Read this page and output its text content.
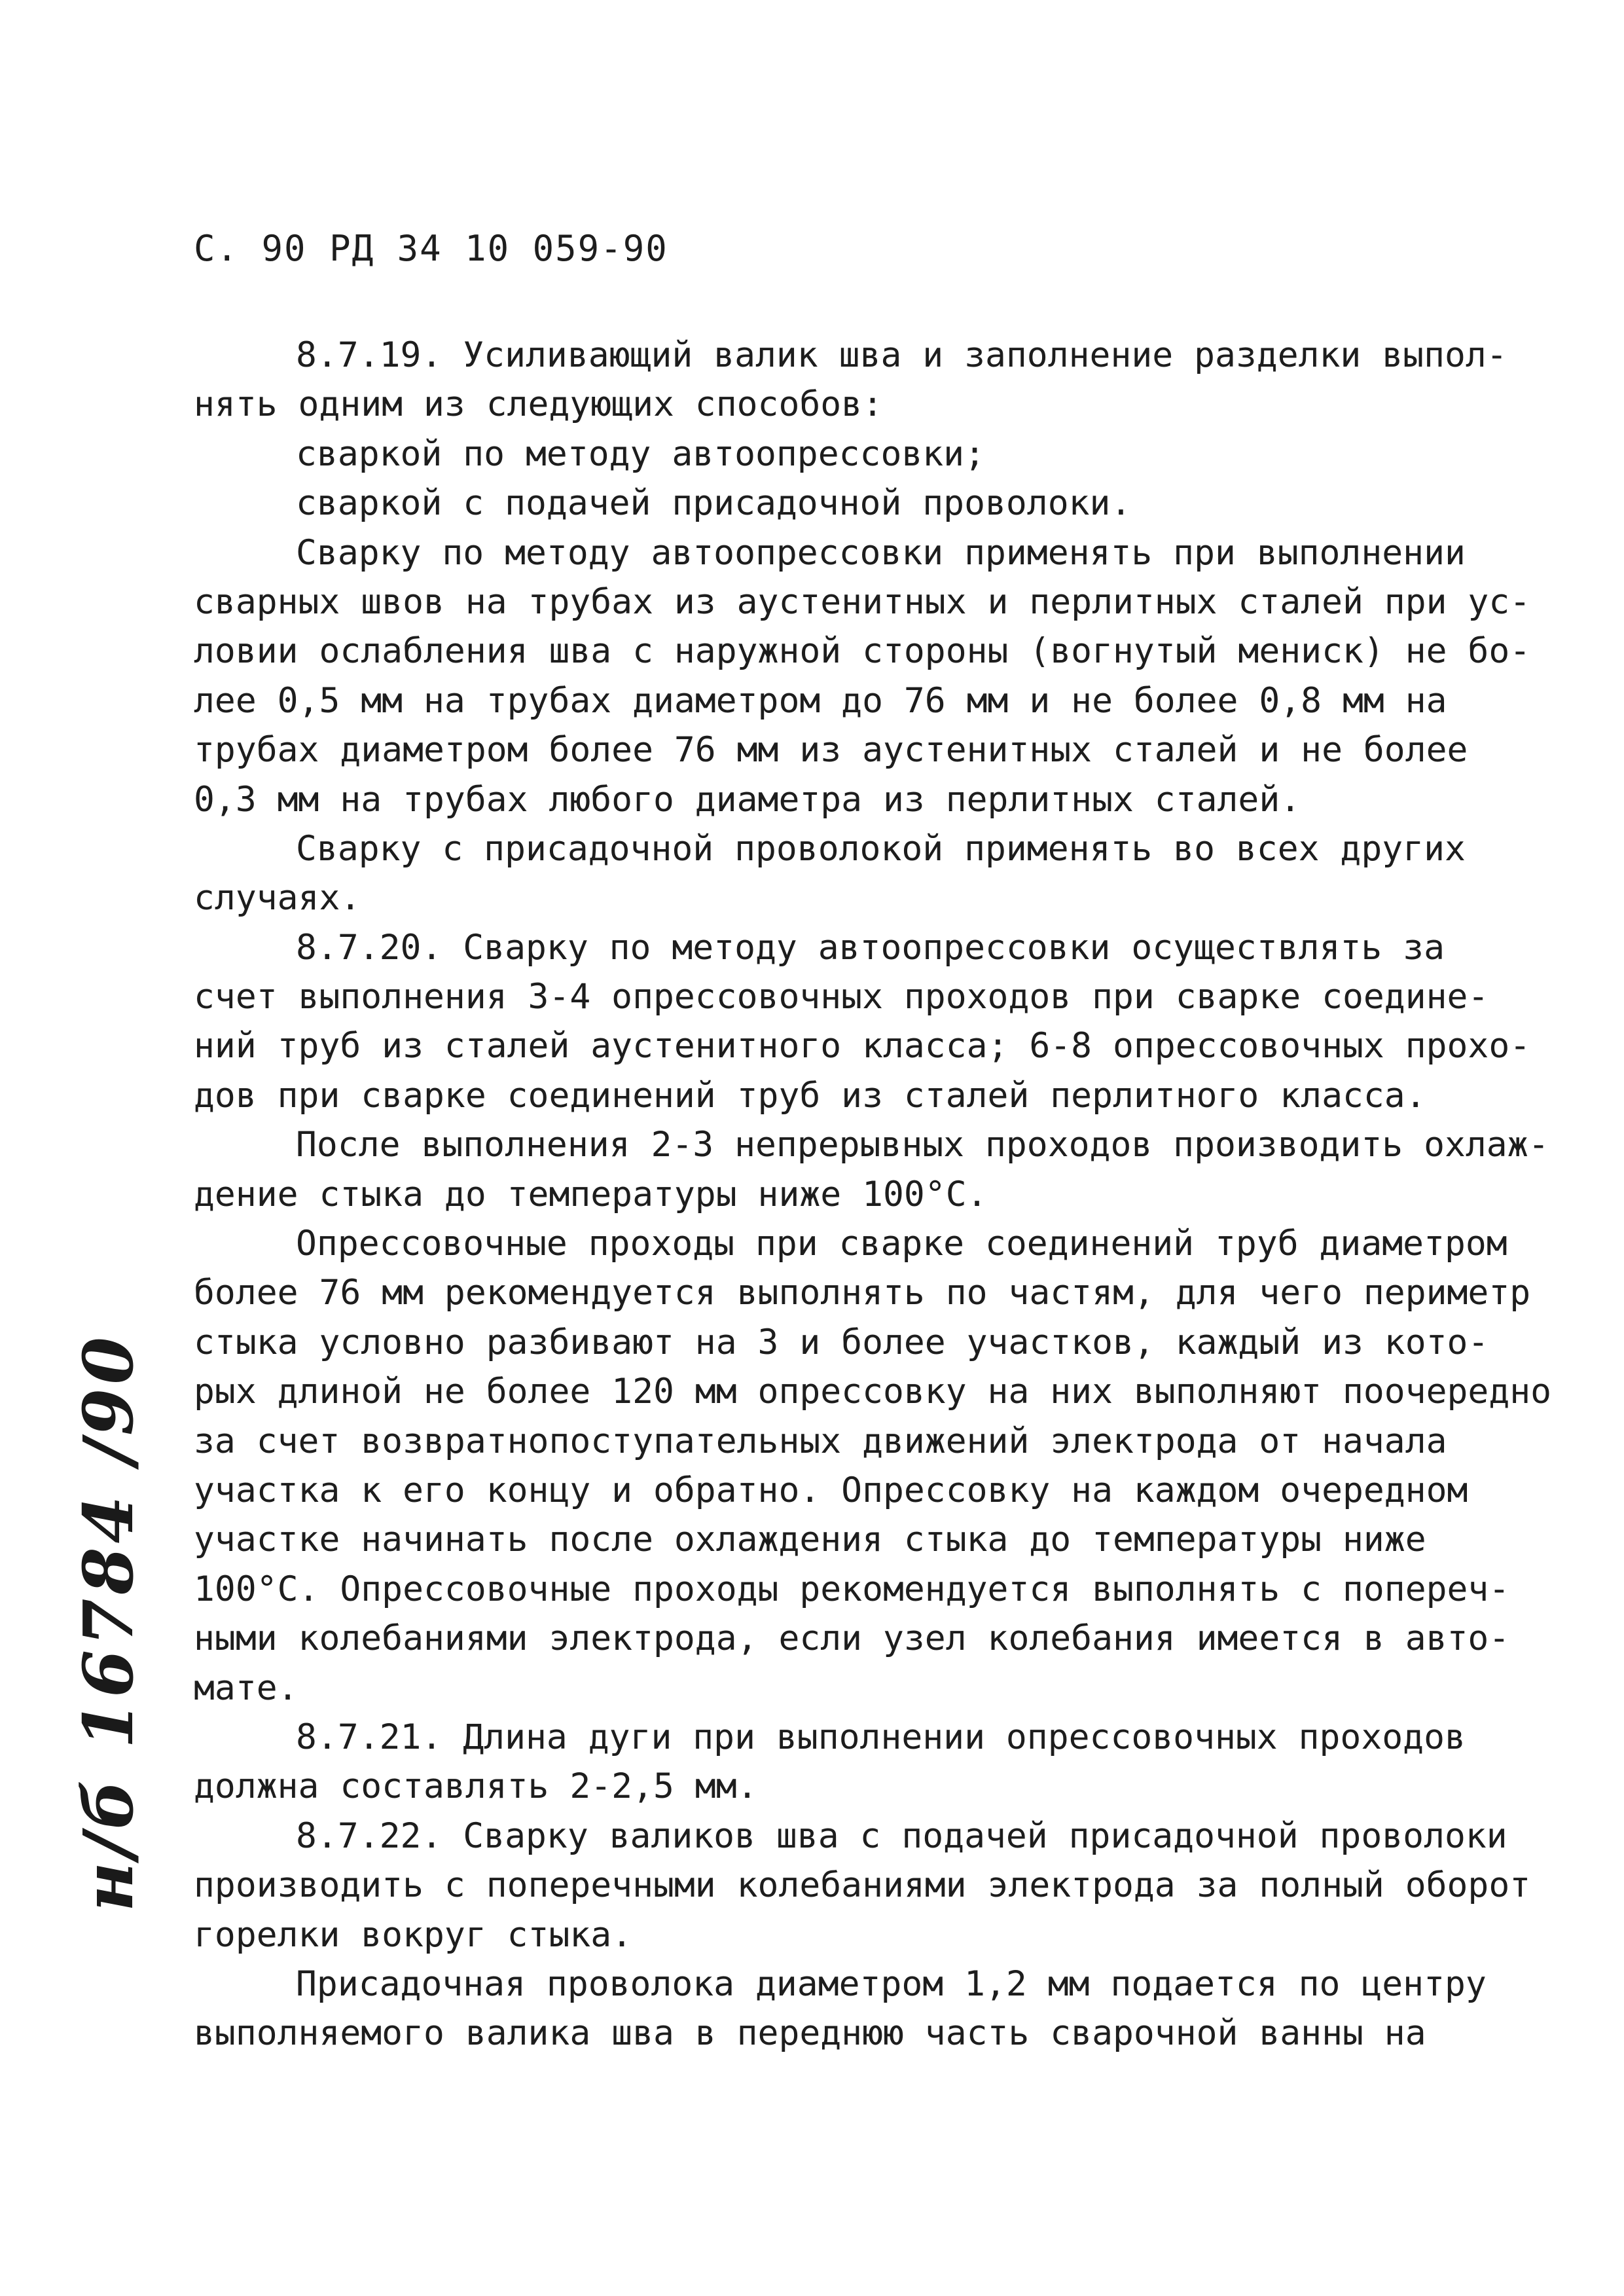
С. 90 РД 34 10 059-90
8.7.19. Усиливающий валик шва и заполнение разделки выпол-
нять одним из следующих способов:
сваркой по методу автоопрессовки;
сваркой с подачей присадочной проволоки.
Сварку по методу автоопрессовки применять при выполнении
сварных швов на трубах из аустенитных и перлитных сталей при ус-
ловии ослабления шва с наружной стороны (вогнутый мениск) не бо-
лее 0,5 мм на трубах диаметром до 76 мм и не более 0,8 мм на
трубах диаметром более 76 мм из аустенитных сталей и не более
0,3 мм на трубах любого диаметра из перлитных сталей.
Сварку с присадочной проволокой применять во всех других
случаях.
8.7.20. Сварку по методу автоопрессовки осуществлять за
счет выполнения 3-4 опрессовочных проходов при сварке соедине-
ний труб из сталей аустенитного класса; 6-8 опрессовочных прохо-
дов при сварке соединений труб из сталей перлитного класса.
После выполнения 2-3 непрерывных проходов производить охлаж-
дение стыка до температуры ниже 100°С.
Опрессовочные проходы при сварке соединений труб диаметром
более 76 мм рекомендуется выполнять по частям, для чего периметр
стыка условно разбивают на 3 и более участков, каждый из кото-
рых длиной не более 120 мм опрессовку на них выполняют поочередно
за счет возвратнопоступательных движений электрода от начала
участка к его концу и обратно. Опрессовку на каждом очередном
участке начинать после охлаждения стыка до температуры ниже
100°С. Опрессовочные проходы рекомендуется выполнять с попереч-
ными колебаниями электрода, если узел колебания имеется в авто-
мате.
8.7.21. Длина дуги при выполнении опрессовочных проходов
должна составлять 2-2,5 мм.
8.7.22. Сварку валиков шва с подачей присадочной проволоки
производить с поперечными колебаниями электрода за полный оборот
горелки вокруг стыка.
Присадочная проволока диаметром 1,2 мм подается по центру
выполняемого валика шва в переднюю часть сварочной ванны на
н/б 16784 /90
